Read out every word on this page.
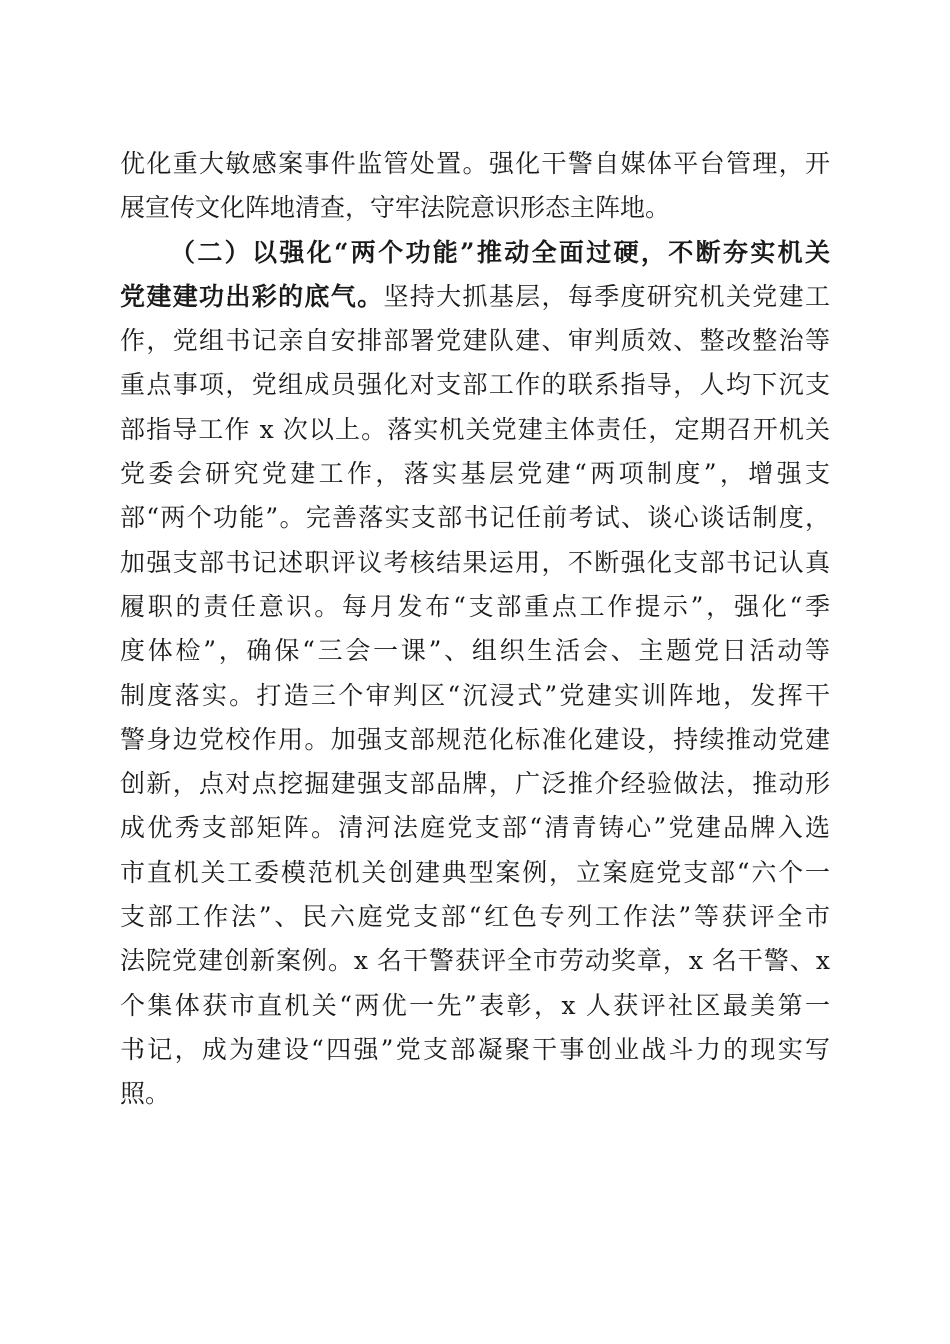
优化重大敏感案事件监管处置。强化干警自媒体平台管理，开
展宣传文化阵地清查，守牢法院意识形态主阵地。
（二）以强化“两个功能”推动全面过硬，不断夯实机关
党建建功出彩的底气。坚持大抓基层，每季度研究机关党建工
作，党组书记亲自安排部署党建队建、审判质效、整改整治等
重点事项，党组成员强化对支部工作的联系指导，人均下沉支
部指导工作 x 次以上。落实机关党建主体责任，定期召开机关
党委会研究党建工作，落实基层党建“两项制度”，增强支
部“两个功能”。完善落实支部书记任前考试、谈心谈话制度，
加强支部书记述职评议考核结果运用，不断强化支部书记认真
履职的责任意识。每月发布“支部重点工作提示”，强化“季
度体检”，确保“三会一课”、组织生活会、主题党日活动等
制度落实。打造三个审判区“沉浸式”党建实训阵地，发挥干
警身边党校作用。加强支部规范化标准化建设，持续推动党建
创新，点对点挖掘建强支部品牌，广泛推介经验做法，推动形
成优秀支部矩阵。清河法庭党支部“清青铸心”党建品牌入选
市直机关工委模范机关创建典型案例，立案庭党支部“六个一
支部工作法”、民六庭党支部“红色专列工作法”等获评全市
法院党建创新案例。x 名干警获评全市劳动奖章，x 名干警、x
个集体获市直机关“两优一先”表彰，x 人获评社区最美第一
书记，成为建设“四强”党支部凝聚干事创业战斗力的现实写
照。
